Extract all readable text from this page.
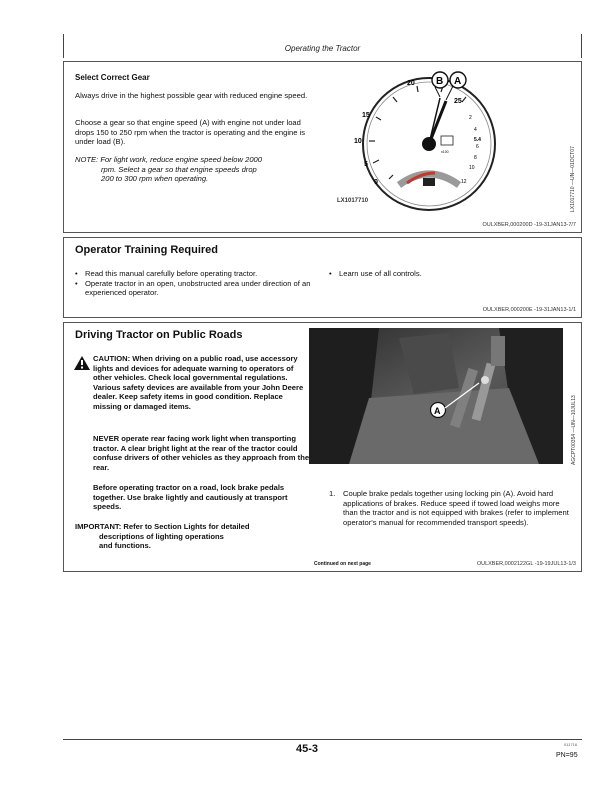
Operating the Tractor
Select Correct Gear
Always drive in the highest possible gear with reduced engine speed.
Choose a gear so that engine speed (A) with engine not under load drops 150 to 250 rpm when the tractor is operating and the engine is under load (B).
NOTE: For light work, reduce engine speed below 2000
rpm. Select a gear so that engine speeds drop
200 to 300 rpm when operating.	0
5
10
15
20
25
2
4
5.4
6
8
10
12
x100
B A
LX1017710	LX1017710 —UN—01OCT07
OULXBER,000200D -19-31JAN13-7/7
Operator Training Required
• Read this manual carefully before operating tractor.
• Operate tractor in an open, unobstructed area under direction of an experienced operator.
• Learn use of all controls.
OULXBER,000200E -19-31JAN13-1/1
Driving Tractor on Public Roads
CAUTION: When driving on a public road, use accessory lights and devices for adequate warning to operators of other vehicles. Check local governmental regulations. Various safety devices are available from your John Deere dealer. Keep safety items in good condition. Replace missing or damaged items.
NEVER operate rear facing work light when transporting tractor. A clear bright light at the rear of the tractor could confuse drivers of other vehicles as they approach from the rear.
Before operating tractor on a road, lock brake pedals together. Use brake lightly and cautiously at transport speeds.
IMPORTANT: Refer to Section Lights for detailed
descriptions of lighting operations
and functions.
A	AGCPT00354 —UN—10JUL13
1.	Couple brake pedals together using locking pin (A). Avoid hard applications of brakes. Reduce speed if towed load weighs more than the tractor and is not equipped with brakes (refer to implement operator's manual for recommended transport speeds).
Continued on next page	OULXBER,0002122GL -19-19JUL13-1/3
45-3	011716
PN=95
